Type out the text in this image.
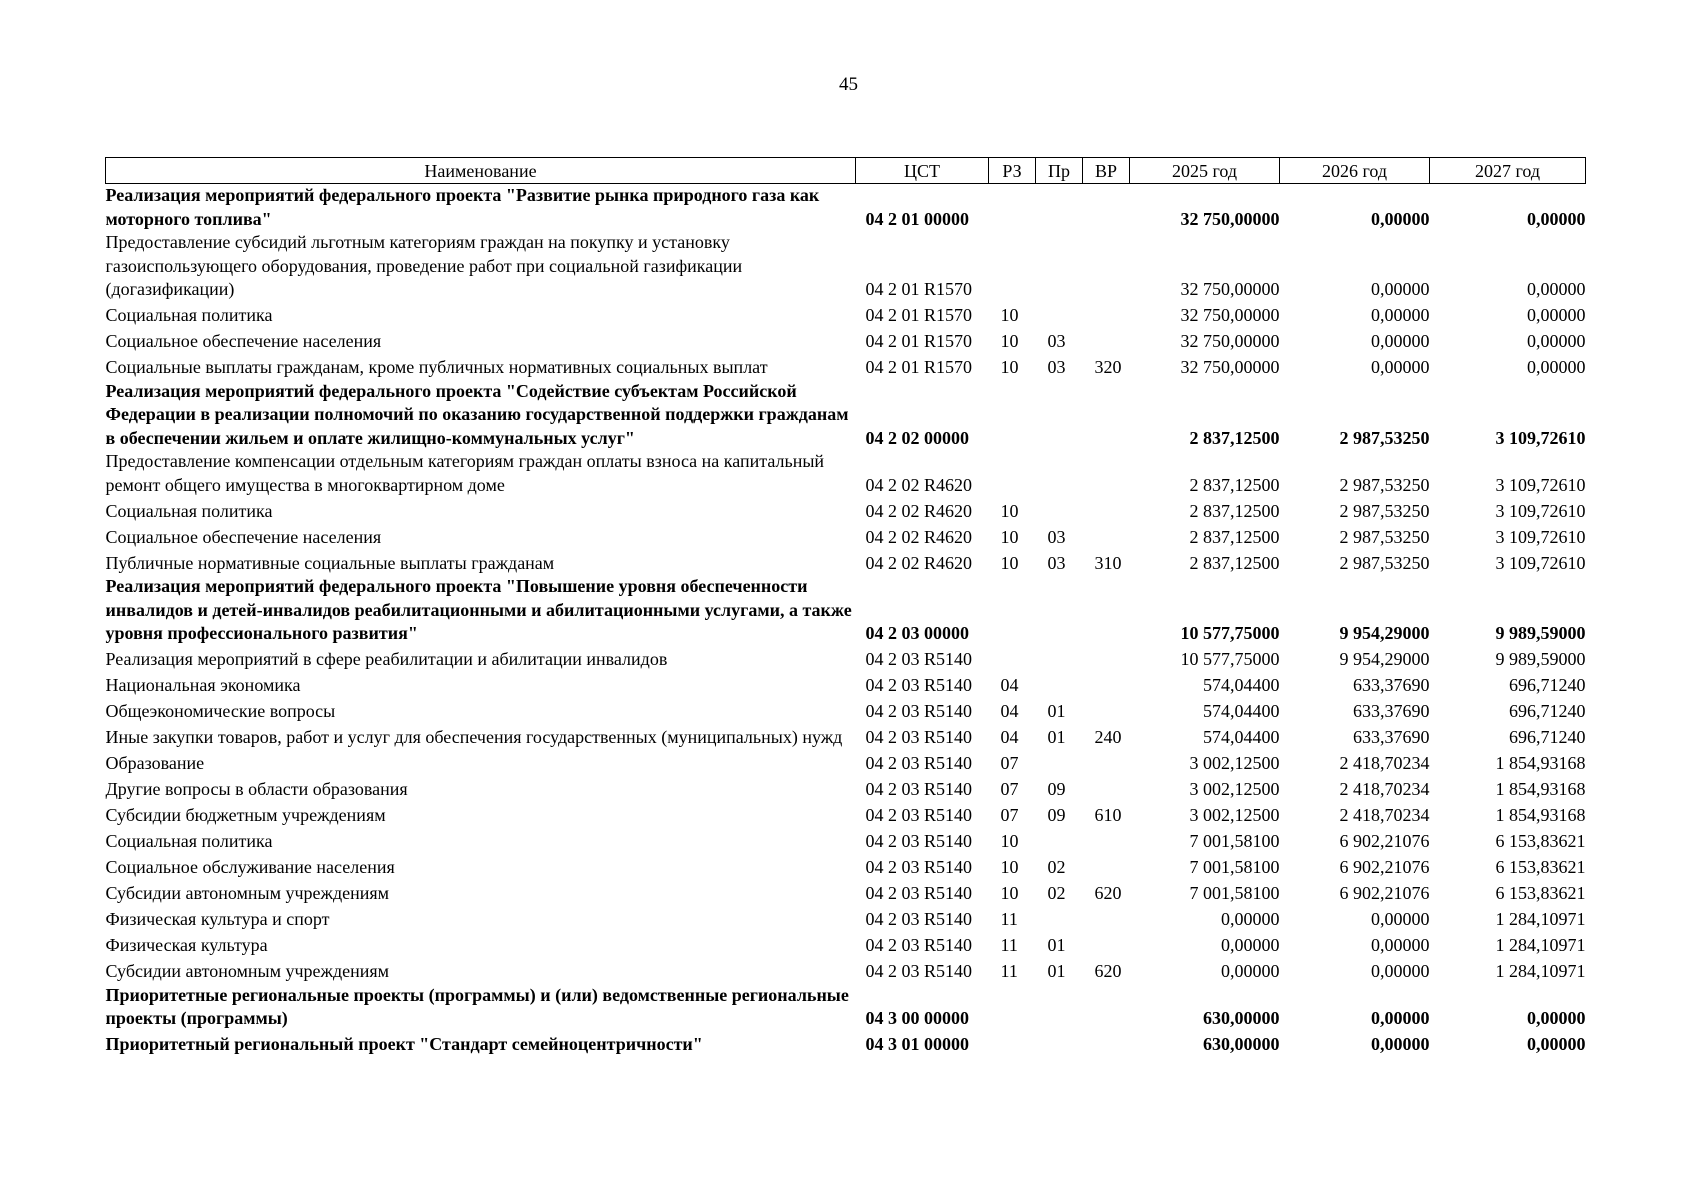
45
Наименование	ЦСТ	РЗ	Пр	ВР	2025 год	2026 год	2027 год
Реализация мероприятий федерального проекта "Развитие рынка природного газа как моторного топлива"	04 2 01 00000				32 750,00000	0,00000	0,00000
Предоставление субсидий льготным категориям граждан на покупку и установку газоиспользующего оборудования, проведение работ при социальной газификации (догазификации)	04 2 01 R1570				32 750,00000	0,00000	0,00000
Социальная политика	04 2 01 R1570	10			32 750,00000	0,00000	0,00000
Социальное обеспечение населения	04 2 01 R1570	10	03		32 750,00000	0,00000	0,00000
Социальные выплаты гражданам, кроме публичных нормативных социальных выплат	04 2 01 R1570	10	03	320	32 750,00000	0,00000	0,00000
Реализация мероприятий федерального проекта "Содействие субъектам Российской Федерации в реализации полномочий по оказанию государственной поддержки гражданам в обеспечении жильем и оплате жилищно-коммунальных услуг"	04 2 02 00000				2 837,12500	2 987,53250	3 109,72610
Предоставление компенсации отдельным категориям граждан оплаты взноса на капитальный ремонт общего имущества в многоквартирном доме	04 2 02 R4620				2 837,12500	2 987,53250	3 109,72610
Социальная политика	04 2 02 R4620	10			2 837,12500	2 987,53250	3 109,72610
Социальное обеспечение населения	04 2 02 R4620	10	03		2 837,12500	2 987,53250	3 109,72610
Публичные нормативные социальные выплаты гражданам	04 2 02 R4620	10	03	310	2 837,12500	2 987,53250	3 109,72610
Реализация мероприятий федерального проекта "Повышение уровня обеспеченности инвалидов и детей-инвалидов реабилитационными и абилитационными услугами, а также уровня профессионального развития"	04 2 03 00000				10 577,75000	9 954,29000	9 989,59000
Реализация мероприятий в сфере реабилитации и абилитации инвалидов	04 2 03 R5140				10 577,75000	9 954,29000	9 989,59000
Национальная экономика	04 2 03 R5140	04			574,04400	633,37690	696,71240
Общеэкономические вопросы	04 2 03 R5140	04	01		574,04400	633,37690	696,71240
Иные закупки товаров, работ и услуг для обеспечения государственных (муниципальных) нужд	04 2 03 R5140	04	01	240	574,04400	633,37690	696,71240
Образование	04 2 03 R5140	07			3 002,12500	2 418,70234	1 854,93168
Другие вопросы в области образования	04 2 03 R5140	07	09		3 002,12500	2 418,70234	1 854,93168
Субсидии бюджетным учреждениям	04 2 03 R5140	07	09	610	3 002,12500	2 418,70234	1 854,93168
Социальная политика	04 2 03 R5140	10			7 001,58100	6 902,21076	6 153,83621
Социальное обслуживание населения	04 2 03 R5140	10	02		7 001,58100	6 902,21076	6 153,83621
Субсидии автономным учреждениям	04 2 03 R5140	10	02	620	7 001,58100	6 902,21076	6 153,83621
Физическая культура и спорт	04 2 03 R5140	11			0,00000	0,00000	1 284,10971
Физическая культура	04 2 03 R5140	11	01		0,00000	0,00000	1 284,10971
Субсидии автономным учреждениям	04 2 03 R5140	11	01	620	0,00000	0,00000	1 284,10971
Приоритетные региональные проекты (программы) и (или) ведомственные региональные проекты (программы)	04 3 00 00000				630,00000	0,00000	0,00000
Приоритетный региональный проект "Стандарт семейноцентричности"	04 3 01 00000				630,00000	0,00000	0,00000
